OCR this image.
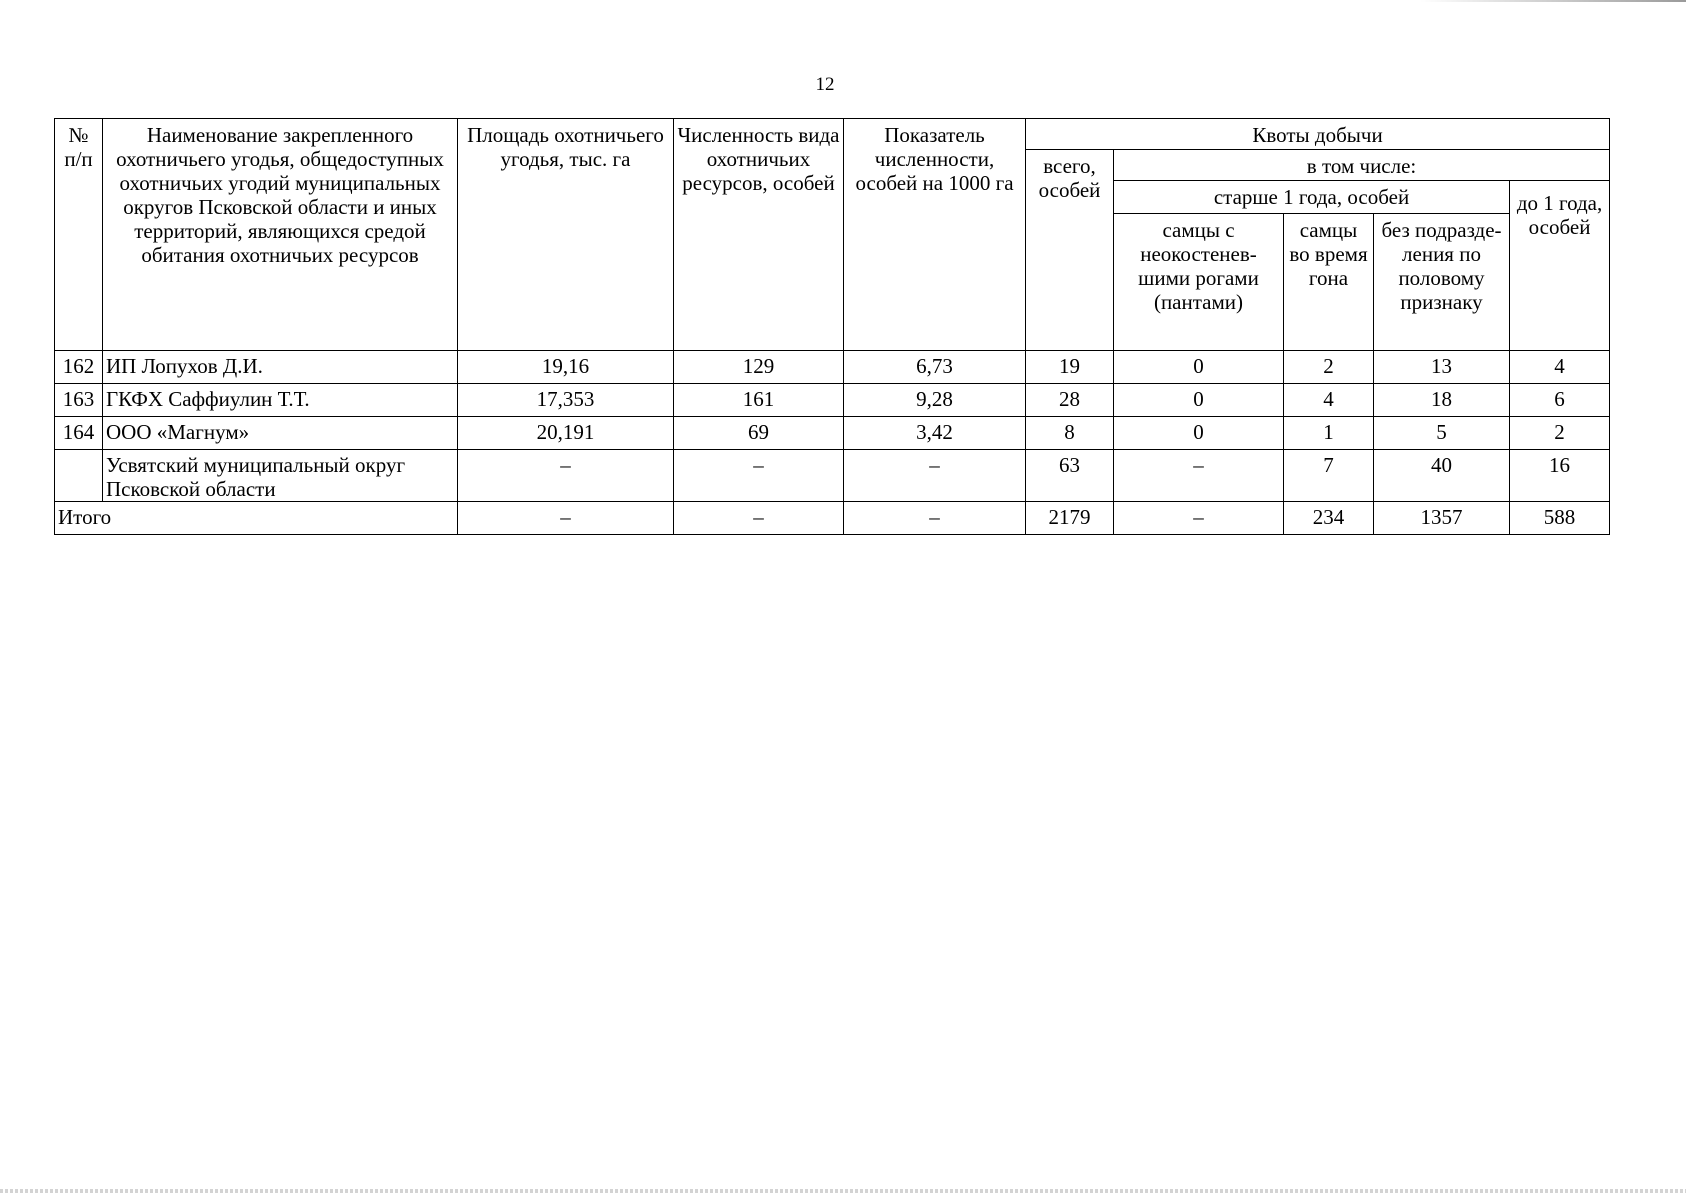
12
№ п/п	Наименование закрепленного охотничьего угодья, общедоступных охотничьих угодий муниципальных округов Псковской области и иных территорий, являющихся средой обитания охотничьих ресурсов	Площадь охотничьего угодья, тыс. га	Численность вида охотничьих ресурсов, особей	Показатель численности, особей на 1000 га	Квоты добычи				
					всего, особей	в том числе:			
						старше 1 года, особей			до 1 года, особей
						самцы с неокостенев-шими рогами (пантами)	самцы во время гона	без подразде-ления по половому признаку	
162	ИП Лопухов Д.И.	19,16	129	6,73	19	0	2	13	4
163	ГКФХ Саффиулин Т.Т.	17,353	161	9,28	28	0	4	18	6
164	ООО «Магнум»	20,191	69	3,42	8	0	1	5	2
	Усвятский муниципальный округ Псковской области	–	–	–	63	–	7	40	16
Итого		–	–	–	2179	–	234	1357	588
